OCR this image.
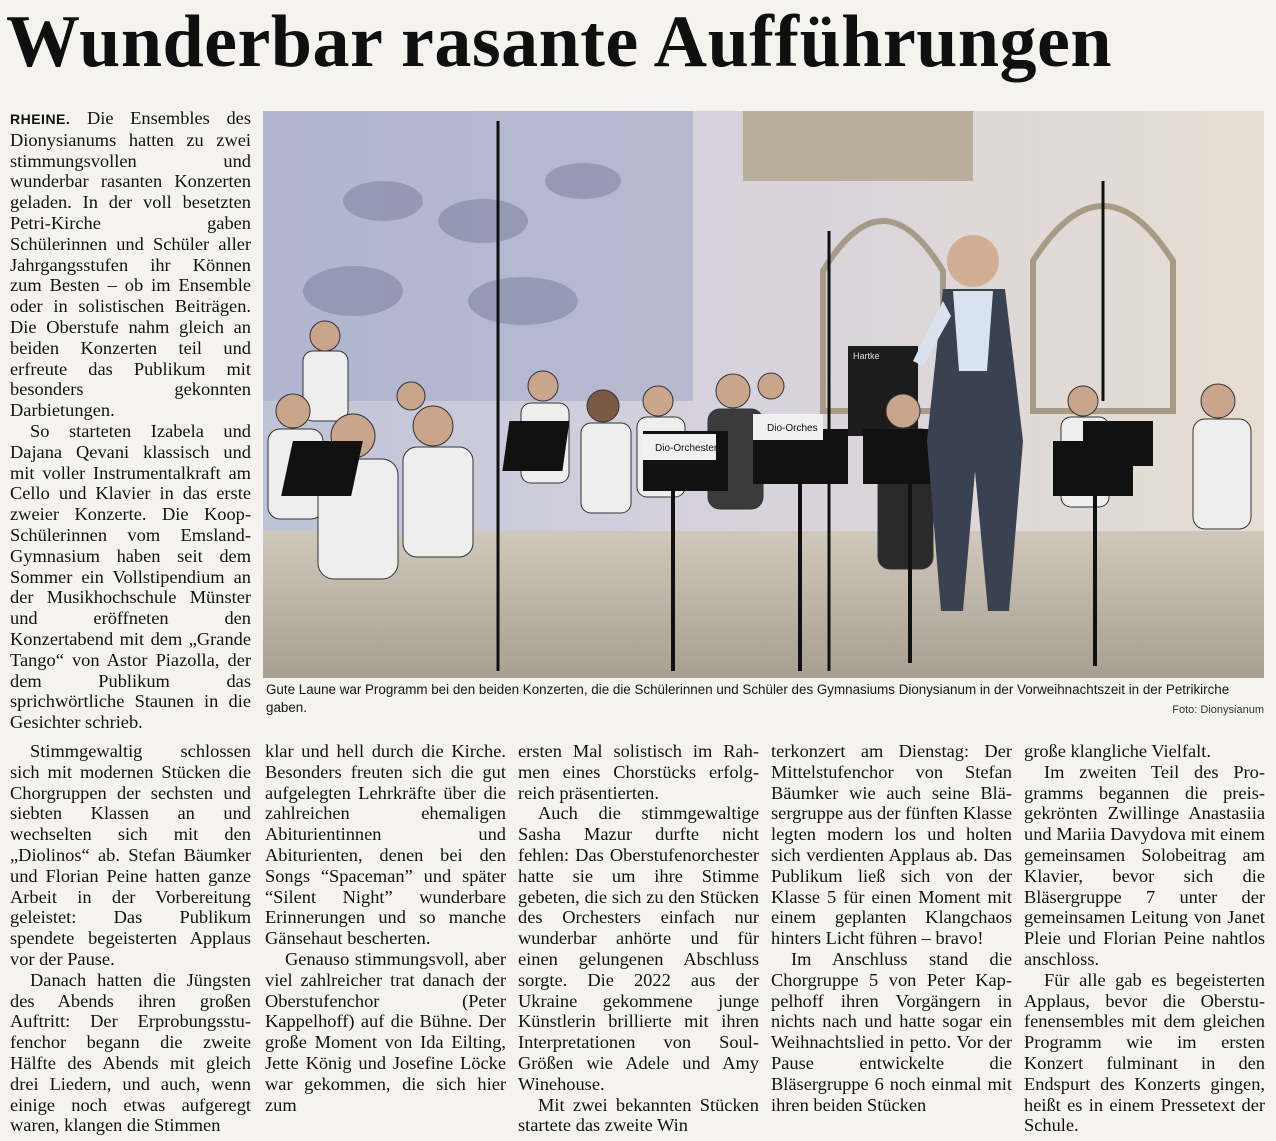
Wunderbar rasante Aufführungen

RHEINE. Die Ensembles des Dionysianums hatten zu zwei stimmungsvollen und wunderbar rasanten Konzerten geladen. In der voll besetzten Petri-Kirche gaben Schülerinnen und Schüler aller Jahrgangsstufen ihr Können zum Besten – ob im Ensemble oder in solistischen Beiträgen. Die Oberstufe nahm gleich an beiden Konzerten teil und erfreute das Publikum mit besonders gekonnten Darbietungen.

So starteten Izabela und Dajana Qevani klassisch und mit voller Instrumentalkraft am Cello und Klavier in das erste zweier Konzerte. Die Koop-Schülerinnen vom Emsland-Gymnasium haben seit dem Sommer ein Vollstipendium an der Musikhochschule Münster und eröffneten den Konzertabend mit dem „Grande Tango“ von Astor Piazolla, der dem Publikum das sprichwörtliche Staunen in die Gesichter schrieb.

Hartke
Dio-Orchester
Dio-Orches
Gute Laune war Programm bei den beiden Konzerten, die die Schülerinnen und Schüler des Gymnasiums Dionysianum in der Vorweihnachtszeit in der Petrikirche gaben.	Foto: Dionysianum

Stimmgewaltig schlossen sich mit modernen Stücken die Chorgruppen der sechsten und siebten Klassen an und wechselten sich mit den „Diolinos“ ab. Stefan Bäumker und Florian Peine hatten ganze Arbeit in der Vorbereitung geleistet: Das Publikum spendete begeisterten Applaus vor der Pause.

Danach hatten die Jüngsten des Abends ihren großen Auftritt: Der Erprobungsstufenchor begann die zweite Hälfte des Abends mit gleich drei Liedern, und auch, wenn einige noch etwas aufgeregt waren, klangen die Stimmen

klar und hell durch die Kirche. Besonders freuten sich die gut aufgelegten Lehrkräfte über die zahlreichen ehemaligen Abiturientinnen und Abiturienten, denen bei den Songs “Spaceman” und später “Silent Night” wunderbare Erinnerungen und so manche Gänsehaut bescherten.

Genauso stimmungsvoll, aber viel zahlreicher trat danach der Oberstufenchor (Peter Kappelhoff) auf die Bühne. Der große Moment von Ida Eilting, Jette König und Josefine Löcke war gekommen, die sich hier zum

ersten Mal solistisch im Rahmen eines Chorstücks erfolgreich präsentierten.

Auch die stimmgewaltige Sasha Mazur durfte nicht fehlen: Das Oberstufenorchester hatte sie um ihre Stimme gebeten, die sich zu den Stücken des Orchesters einfach nur wunderbar anhörte und für einen gelungenen Abschluss sorgte. Die 2022 aus der Ukraine gekommene junge Künstlerin brillierte mit ihren Interpretationen von Soul-Größen wie Adele und Amy Winehouse.

Mit zwei bekannten Stücken startete das zweite Win

terkonzert am Dienstag: Der Mittelstufenchor von Stefan Bäumker wie auch seine Bläsergruppe aus der fünften Klasse legten modern los und holten sich verdienten Applaus ab. Das Publikum ließ sich von der Klasse 5 für einen Moment mit einem geplanten Klangchaos hinters Licht führen – bravo!

Im Anschluss stand die Chorgruppe 5 von Peter Kappelhoff ihren Vorgängern in nichts nach und hatte sogar ein Weihnachtslied in petto. Vor der Pause entwickelte die Bläsergruppe 6 noch einmal mit ihren beiden Stücken

große klangliche Vielfalt.

Im zweiten Teil des Programms begannen die preisgekrönten Zwillinge Anastasiia und Mariia Davydova mit einem gemeinsamen Solobeitrag am Klavier, bevor sich die Bläsergruppe 7 unter der gemeinsamen Leitung von Janet Pleie und Florian Peine nahtlos anschloss.

Für alle gab es begeisterten Applaus, bevor die Oberstufenensembles mit dem gleichen Programm wie im ersten Konzert fulminant in den Endspurt des Konzerts gingen, heißt es in einem Pressetext der Schule.
